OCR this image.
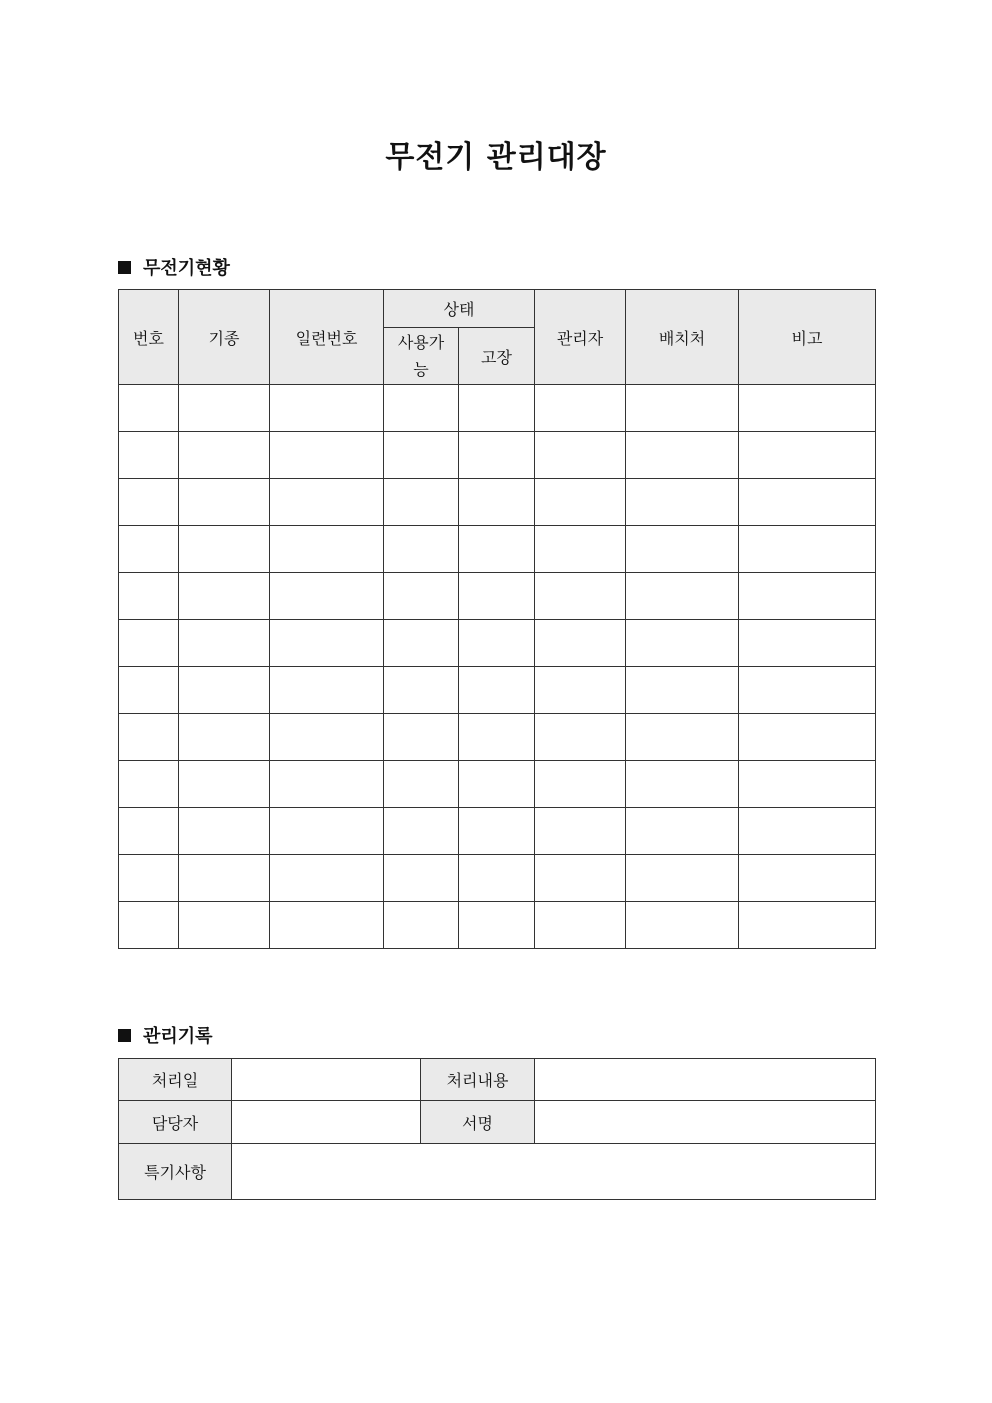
무전기 관리대장
무전기현황
번호	기종	일련번호	상태		관리자	배치처	비고
			사용가능	고장			

관리기록
처리일		처리내용	
담당자		서명	
특기사항			
